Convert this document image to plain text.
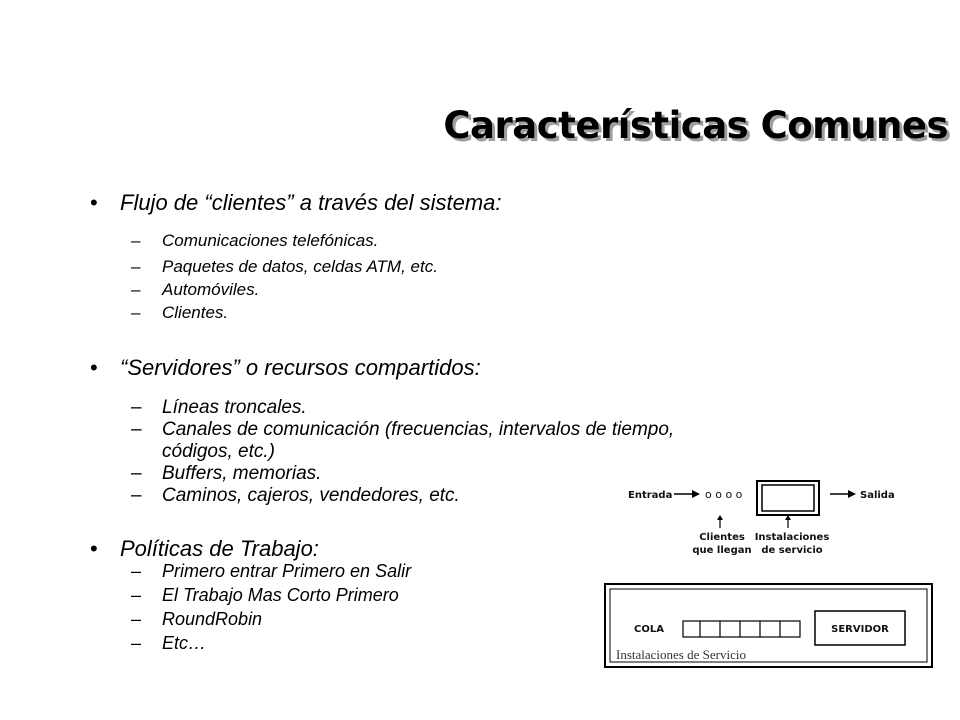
Características Comunes
• Flujo de “clientes” a través del sistema:
– Comunicaciones telefónicas.
– Paquetes de datos, celdas ATM, etc.
– Automóviles.
– Clientes.
• “Servidores” o recursos compartidos:
– Líneas troncales.
– Canales de comunicación (frecuencias, intervalos de tiempo,
códigos, etc.)
– Buffers, memorias.
– Caminos, cajeros, vendedores, etc.
• Políticas de Trabajo:
– Primero entrar Primero en Salir
– El Trabajo Mas Corto Primero
– RoundRobin
– Etc…
Entrada	o o o o	Salida
Clientes
que llegan
Instalaciones
de servicio
COLA	SERVIDOR
Instalaciones de Servicio
